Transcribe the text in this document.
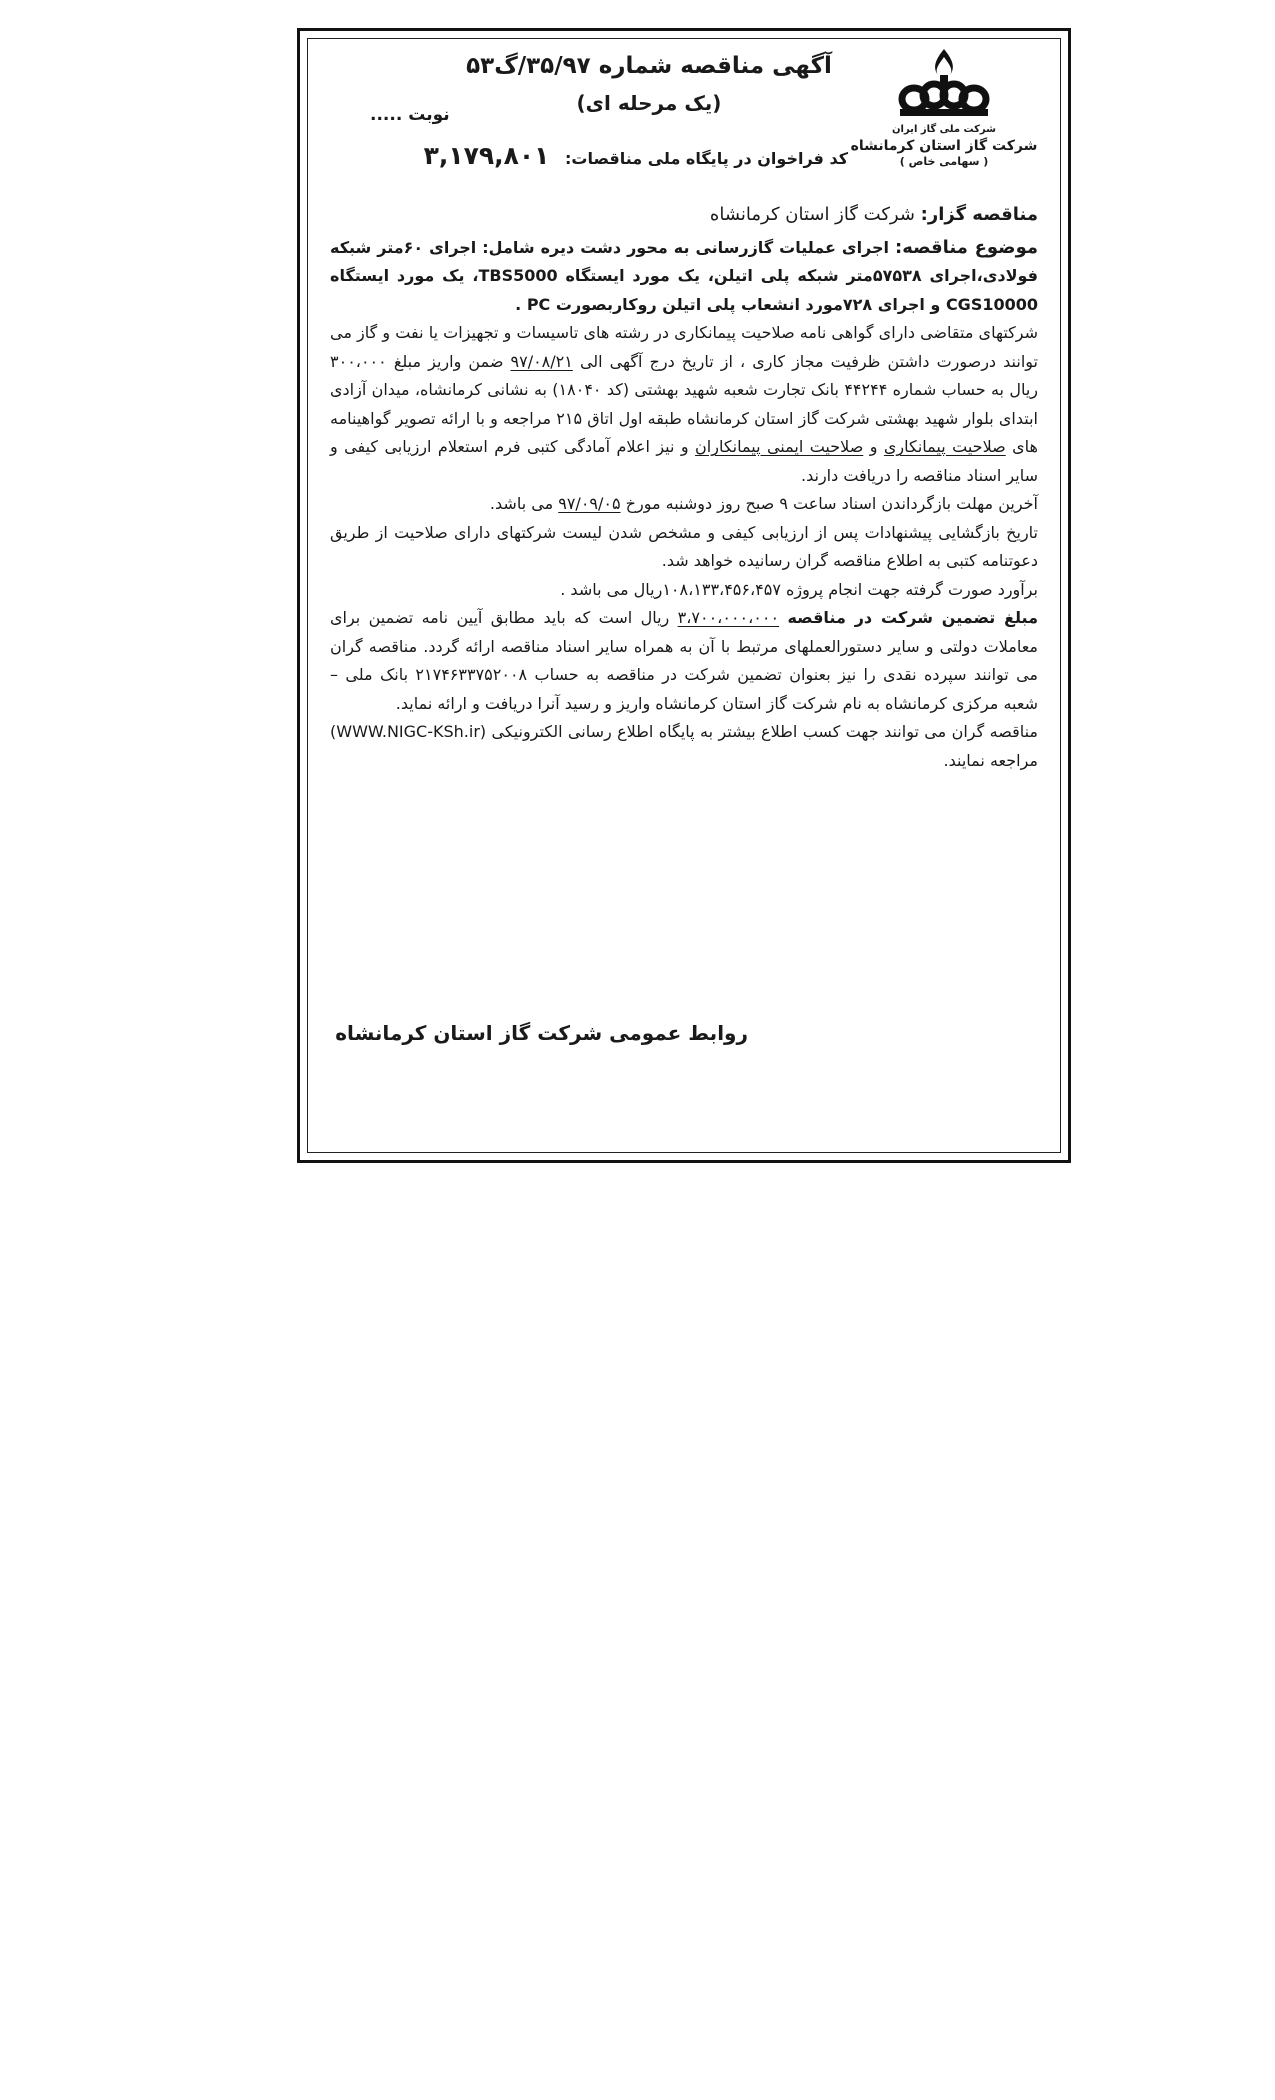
شرکت ملی گاز ایران
شرکت گاز استان کرمانشاه
( سهامی خاص )

آگهی مناقصه شماره ۳۵/۹۷/گ۵۳

(یک مرحله ای)

نوبت .....
کد فراخوان در پایگاه ملی مناقصات: ۳,۱۷۹,۸۰۱

مناقصه گزار: شرکت گاز استان کرمانشاه

موضوع مناقصه: اجرای عملیات گازرسانی به محور دشت دیره شامل: اجرای ۶۰متر شبکه فولادی،اجرای ۵۷۵۳۸متر شبکه پلی اتیلن، یک مورد ایستگاه TBS5000، یک مورد ایستگاه CGS10000 و اجرای ۷۲۸مورد انشعاب پلی اتیلن روکاربصورت PC .

شرکتهای متقاضی دارای گواهی نامه صلاحیت پیمانکاری در رشته های تاسیسات و تجهیزات یا نفت و گاز می توانند درصورت داشتن ظرفیت مجاز کاری ، از تاریخ درج آگهی الی ۹۷/۰۸/۲۱ ضمن واریز مبلغ ۳۰۰،۰۰۰ ریال به حساب شماره ۴۴۲۴۴ بانک تجارت شعبه شهید بهشتی (کد ۱۸۰۴۰) به نشانی کرمانشاه، میدان آزادی ابتدای بلوار شهید بهشتی شرکت گاز استان کرمانشاه طبقه اول اتاق ۲۱۵ مراجعه و با ارائه تصویر گواهینامه های صلاحیت پیمانکاری و صلاحیت ایمنی پیمانکاران و نیز اعلام آمادگی کتبی فرم استعلام ارزیابی کیفی و سایر اسناد مناقصه را دریافت دارند.

آخرین مهلت بازگرداندن اسناد ساعت ۹ صبح روز دوشنبه مورخ ۹۷/۰۹/۰۵ می باشد.

تاریخ بازگشایی پیشنهادات پس از ارزیابی کیفی و مشخص شدن لیست شرکتهای دارای صلاحیت از طریق دعوتنامه کتبی به اطلاع مناقصه گران رسانیده خواهد شد.

برآورد صورت گرفته جهت انجام پروژه ۱۰۸،۱۳۳،۴۵۶،۴۵۷ریال می باشد .

مبلغ تضمین شرکت در مناقصه ۳،۷۰۰،۰۰۰،۰۰۰ ریال است که باید مطابق آیین نامه تضمین برای معاملات دولتی و سایر دستورالعملهای مرتبط با آن به همراه سایر اسناد مناقصه ارائه گردد. مناقصه گران می توانند سپرده نقدی را نیز بعنوان تضمین شرکت در مناقصه به حساب ۲۱۷۴۶۳۳۷۵۲۰۰۸ بانک ملی – شعبه مرکزی کرمانشاه به نام شرکت گاز استان کرمانشاه واریز و رسید آنرا دریافت و ارائه نماید.

مناقصه گران می توانند جهت کسب اطلاع بیشتر به پایگاه اطلاع رسانی الکترونیکی (WWW.NIGC-KSh.ir) مراجعه نمایند.

روابط عمومی شرکت گاز استان کرمانشاه
